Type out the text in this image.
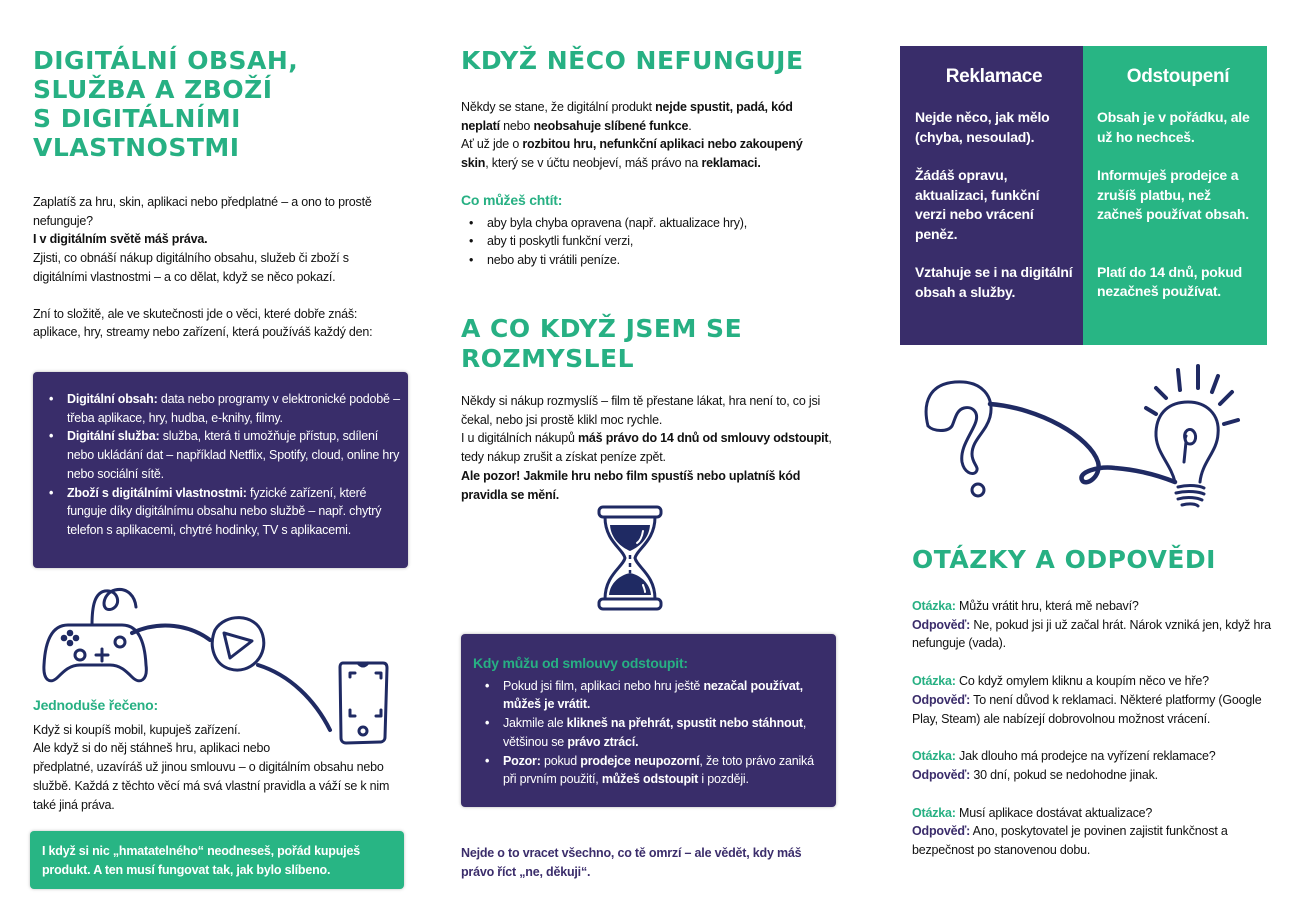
DIGITÁLNÍ OBSAH,
SLUŽBA A ZBOŽÍ
S DIGITÁLNÍMI
VLASTNOSTMI

Zaplatíš za hru, skin, aplikaci nebo předplatné – a ono to prostě nefunguje?

I v digitálním světě máš práva.

Zjisti, co obnáší nákup digitálního obsahu, služeb či zboží s digitálními vlastnostmi – a co dělat, když se něco pokazí.

Zní to složitě, ale ve skutečnosti jde o věci, které dobře znáš: aplikace, hry, streamy nebo zařízení, která používáš každý den:

• Digitální obsah: data nebo programy v elektronické podobě – třeba aplikace, hry, hudba, e-knihy, filmy.
• Digitální služba: služba, která ti umožňuje přístup, sdílení nebo ukládání dat – například Netflix, Spotify, cloud, online hry nebo sociální sítě.
• Zboží s digitálními vlastnostmi: fyzické zařízení, které funguje díky digitálnímu obsahu nebo službě – např. chytrý telefon s aplikacemi, chytré hodinky, TV s aplikacemi.

Jednoduše řečeno:

Když si koupíš mobil, kupuješ zařízení.

Ale když si do něj stáhneš hru, aplikaci nebo

předplatné, uzavíráš už jinou smlouvu – o digitálním obsahu nebo službě. Každá z těchto věcí má svá vlastní pravidla a váží se k nim také jiná práva.

I když si nic „hmatatelného“ neodneseš, pořád kupuješ produkt. A ten musí fungovat tak, jak bylo slíbeno.

KDYŽ NĚCO NEFUNGUJE

Někdy se stane, že digitální produkt nejde spustit, padá, kód neplatí nebo neobsahuje slíbené funkce.

Ať už jde o rozbitou hru, nefunkční aplikaci nebo zakoupený skin, který se v účtu neobjeví, máš právo na reklamaci.

Co můžeš chtít:

• aby byla chyba opravena (např. aktualizace hry),
• aby ti poskytli funkční verzi,
• nebo aby ti vrátili peníze.
A CO KDYŽ JSEM SE
ROZMYSLEL

Někdy si nákup rozmyslíš – film tě přestane lákat, hra není to, co jsi čekal, nebo jsi prostě klikl moc rychle.

I u digitálních nákupů máš právo do 14 dnů od smlouvy odstoupit, tedy nákup zrušit a získat peníze zpět.

Ale pozor! Jakmile hru nebo film spustíš nebo uplatníš kód pravidla se mění.

Kdy můžu od smlouvy odstoupit:

• Pokud jsi film, aplikaci nebo hru ještě nezačal používat, můžeš je vrátit.
• Jakmile ale klikneš na přehrát, spustit nebo stáhnout, většinou se právo ztrácí.
• Pozor: pokud prodejce neupozorní, že toto právo zaniká při prvním použití, můžeš odstoupit i později.
Nejde o to vracet všechno, co tě omrzí – ale vědět, kdy máš právo říct „ne, děkuji“.
Reklamace

Nejde něco, jak mělo (chyba, nesoulad).

Žádáš opravu, aktualizaci, funkční verzi nebo vrácení peněz.

Vztahuje se i na digitální obsah a služby.

Odstoupení

Obsah je v pořádku, ale už ho nechceš.

Informuješ prodejce a zrušíš platbu, než začneš používat obsah.

Platí do 14 dnů, pokud nezačneš používat.

OTÁZKY A ODPOVĚDI

Otázka: Můžu vrátit hru, která mě nebaví?

Odpověď: Ne, pokud jsi ji už začal hrát. Nárok vzniká jen, když hra nefunguje (vada).

Otázka: Co když omylem kliknu a koupím něco ve hře?

Odpověď: To není důvod k reklamaci. Některé platformy (Google Play, Steam) ale nabízejí dobrovolnou možnost vrácení.

Otázka: Jak dlouho má prodejce na vyřízení reklamace?

Odpověď: 30 dní, pokud se nedohodne jinak.

Otázka: Musí aplikace dostávat aktualizace?

Odpověď: Ano, poskytovatel je povinen zajistit funkčnost a bezpečnost po stanovenou dobu.
